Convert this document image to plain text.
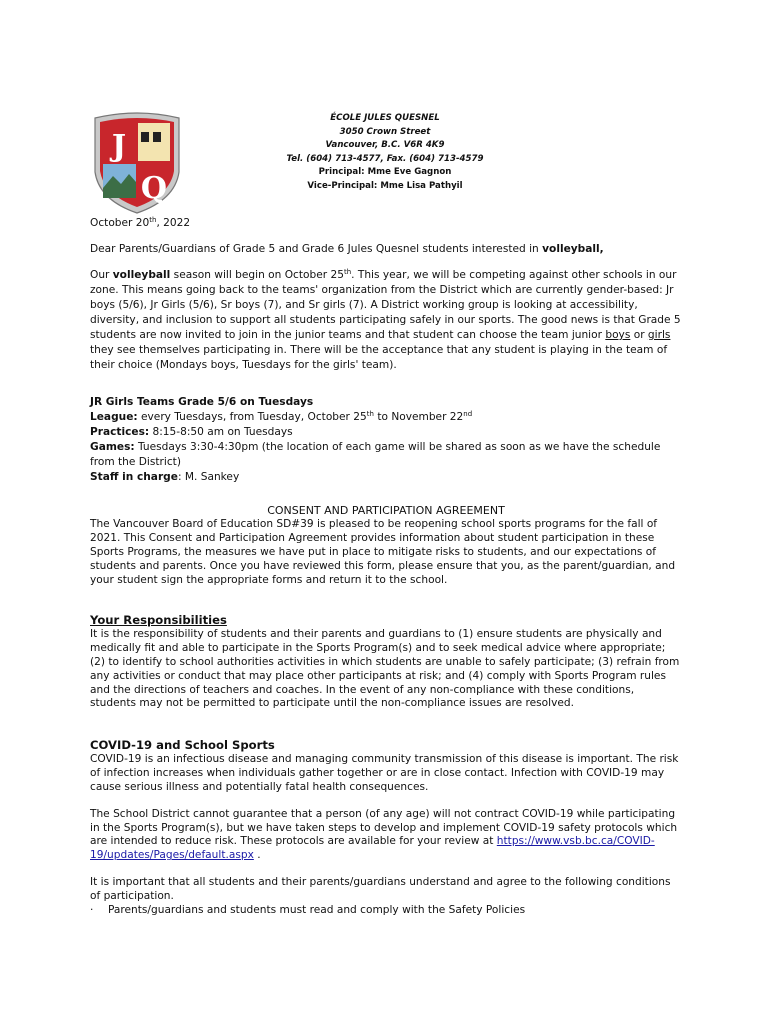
J
Q
ÉCOLE JULES QUESNEL
3050 Crown Street
Vancouver, B.C. V6R 4K9
Tel. (604) 713-4577, Fax. (604) 713-4579
Principal: Mme Eve Gagnon
Vice-Principal: Mme Lisa Pathyil
October 20th, 2022
Dear Parents/Guardians of Grade 5 and Grade 6 Jules Quesnel students interested in volleyball,
Our volleyball season will begin on October 25th. This year, we will be competing against other schools in our zone. This means going back to the teams' organization from the District which are currently gender-based: Jr boys (5/6), Jr Girls (5/6), Sr boys (7), and Sr girls (7). A District working group is looking at accessibility, diversity, and inclusion to support all students participating safely in our sports. The good news is that Grade 5 students are now invited to join in the junior teams and that student can choose the team junior boys or girls they see themselves participating in. There will be the acceptance that any student is playing in the team of their choice (Mondays boys, Tuesdays for the girls' team).
JR Girls Teams Grade 5/6 on Tuesdays
League: every Tuesdays, from Tuesday, October 25th to November 22nd
Practices: 8:15-8:50 am on Tuesdays
Games: Tuesdays 3:30-4:30pm (the location of each game will be shared as soon as we have the schedule from the District)
Staff in charge: M. Sankey
CONSENT AND PARTICIPATION AGREEMENT
The Vancouver Board of Education SD#39 is pleased to be reopening school sports programs for the fall of 2021. This Consent and Participation Agreement provides information about student participation in these Sports Programs, the measures we have put in place to mitigate risks to students, and our expectations of students and parents. Once you have reviewed this form, please ensure that you, as the parent/guardian, and your student sign the appropriate forms and return it to the school.
Your Responsibilities
It is the responsibility of students and their parents and guardians to (1) ensure students are physically and medically fit and able to participate in the Sports Program(s) and to seek medical advice where appropriate; (2) to identify to school authorities activities in which students are unable to safely participate; (3) refrain from any activities or conduct that may place other participants at risk; and (4) comply with Sports Program rules and the directions of teachers and coaches. In the event of any non-compliance with these conditions, students may not be permitted to participate until the non-compliance issues are resolved.
COVID-19 and School Sports

COVID-19 is an infectious disease and managing community transmission of this disease is important. The risk of infection increases when individuals gather together or are in close contact. Infection with COVID-19 may cause serious illness and potentially fatal health consequences.

The School District cannot guarantee that a person (of any age) will not contract COVID-19 while participating in the Sports Program(s), but we have taken steps to develop and implement COVID-19 safety protocols which are intended to reduce risk. These protocols are available for your review at https://www.vsb.bc.ca/COVID-19/updates/Pages/default.aspx .

It is important that all students and their parents/guardians understand and agree to the following conditions of participation.

· Parents/guardians and students must read and comply with the Safety Policies
